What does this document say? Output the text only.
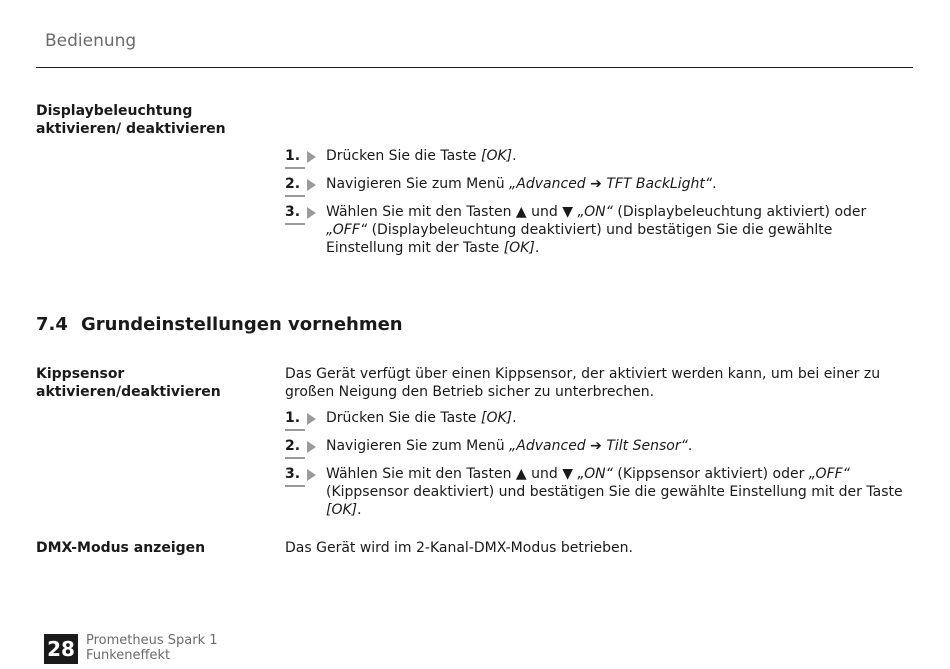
Bedienung
Displaybeleuchtung aktivieren/ deaktivieren
1.	Drücken Sie die Taste [OK].
2.	Navigieren Sie zum Menü „Advanced ➔ TFT BackLight“.
3.	Wählen Sie mit den Tasten ▲ und ▼ „ON“ (Displaybeleuchtung aktiviert) oder „OFF“ (Displaybeleuchtung deaktiviert) und bestätigen Sie die gewählte Einstellung mit der Taste [OK].
7.4 Grundeinstellungen vornehmen
Kippsensor aktivieren/deaktivieren
Das Gerät verfügt über einen Kippsensor, der aktiviert werden kann, um bei einer zu großen Neigung den Betrieb sicher zu unterbrechen.
1.	Drücken Sie die Taste [OK].
2.	Navigieren Sie zum Menü „Advanced ➔ Tilt Sensor“.
3.	Wählen Sie mit den Tasten ▲ und ▼ „ON“ (Kippsensor aktiviert) oder „OFF“ (Kippsensor deaktiviert) und bestätigen Sie die gewählte Einstellung mit der Taste [OK].
DMX-Modus anzeigen	Das Gerät wird im 2-Kanal-DMX-Modus betrieben.
28 Prometheus Spark 1
Funkeneffekt
